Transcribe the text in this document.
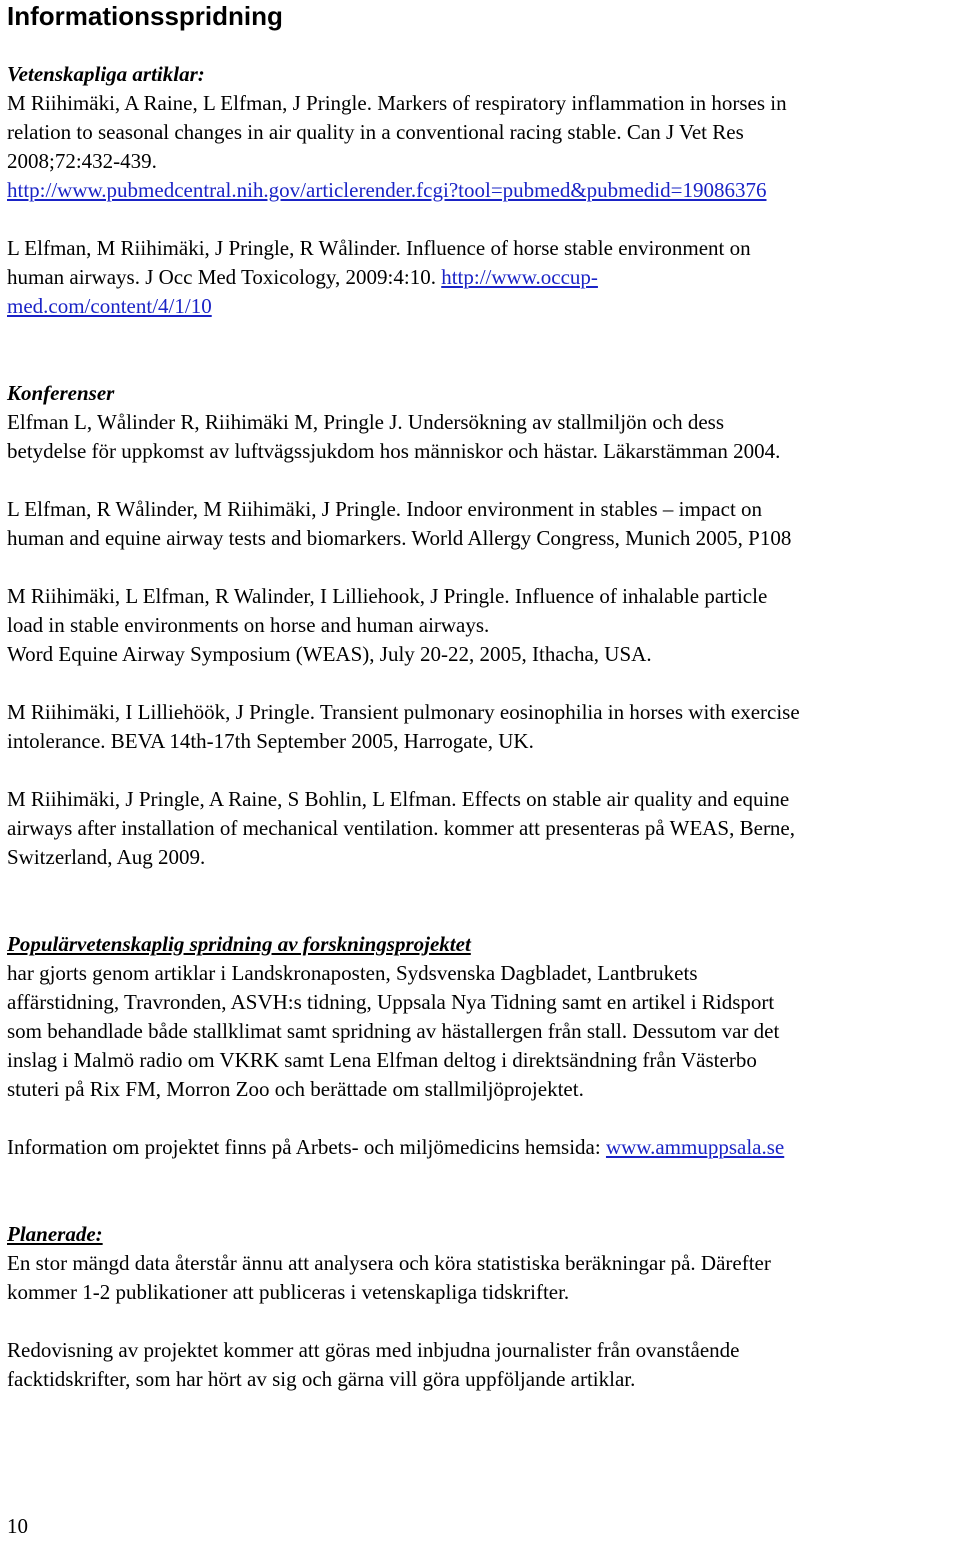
Informationsspridning
Vetenskapliga artiklar:
M Riihimäki, A Raine, L Elfman, J Pringle. Markers of respiratory inflammation in horses in
relation to seasonal changes in air quality in a conventional racing stable. Can J Vet Res
2008;72:432-439.
http://www.pubmedcentral.nih.gov/articlerender.fcgi?tool=pubmed&pubmedid=19086376
L Elfman, M Riihimäki, J Pringle, R Wålinder. Influence of horse stable environment on
human airways. J Occ Med Toxicology, 2009:4:10. http://www.occup-
med.com/content/4/1/10
Konferenser
Elfman L, Wålinder R, Riihimäki M, Pringle J. Undersökning av stallmiljön och dess
betydelse för uppkomst av luftvägssjukdom hos människor och hästar. Läkarstämman 2004.
L Elfman, R Wålinder, M Riihimäki, J Pringle. Indoor environment in stables – impact on
human and equine airway tests and biomarkers. World Allergy Congress, Munich 2005, P108
M Riihimäki, L Elfman, R Walinder, I Lilliehook, J Pringle. Influence of inhalable particle
load in stable environments on horse and human airways.
Word Equine Airway Symposium (WEAS), July 20-22, 2005, Ithacha, USA.
M Riihimäki, I Lilliehöök, J Pringle. Transient pulmonary eosinophilia in horses with exercise
intolerance. BEVA 14th-17th September 2005, Harrogate, UK.
M Riihimäki, J Pringle, A Raine, S Bohlin, L Elfman. Effects on stable air quality and equine
airways after installation of mechanical ventilation. kommer att presenteras på WEAS, Berne,
Switzerland, Aug 2009.
Populärvetenskaplig spridning av forskningsprojektet
har gjorts genom artiklar i Landskronaposten, Sydsvenska Dagbladet, Lantbrukets
affärstidning, Travronden, ASVH:s tidning, Uppsala Nya Tidning samt en artikel i Ridsport
som behandlade både stallklimat samt spridning av hästallergen från stall. Dessutom var det
inslag i Malmö radio om VKRK samt Lena Elfman deltog i direktsändning från Västerbo
stuteri på Rix FM, Morron Zoo och berättade om stallmiljöprojektet.
Information om projektet finns på Arbets- och miljömedicins hemsida: www.ammuppsala.se
Planerade:
En stor mängd data återstår ännu att analysera och köra statistiska beräkningar på. Därefter
kommer 1-2 publikationer att publiceras i vetenskapliga tidskrifter.
Redovisning av projektet kommer att göras med inbjudna journalister från ovanstående
facktidskrifter, som har hört av sig och gärna vill göra uppföljande artiklar.
10
